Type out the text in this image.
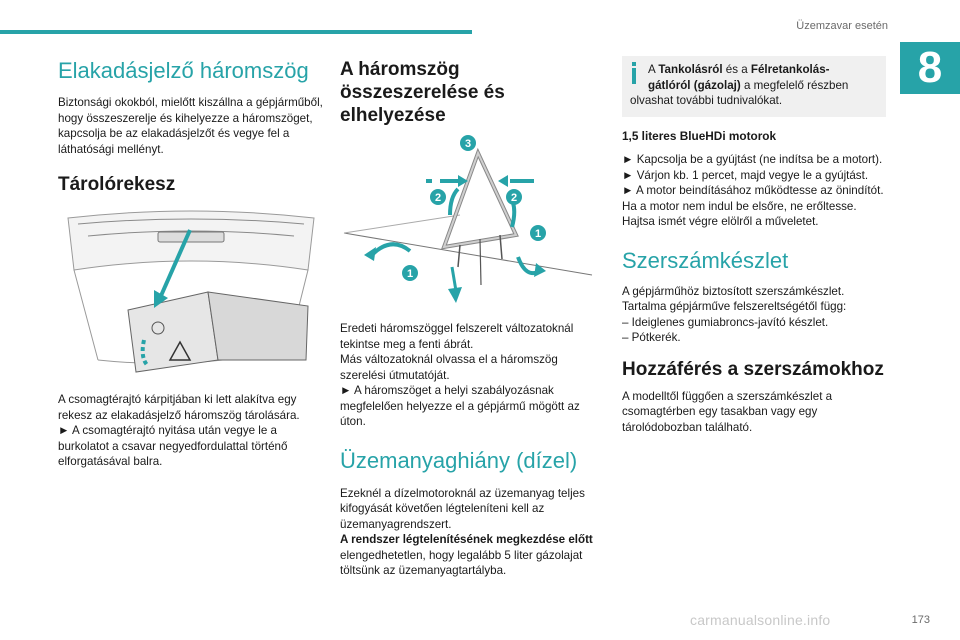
Üzemzavar esetén
8
Elakadásjelző háromszög

Biztonsági okokból, mielőtt kiszállna a gépjárműből, hogy összeszerelje és kihelyezze a háromszöget, kapcsolja be az elakadásjelzőt és vegye fel a láthatósági mellényt.

Tárolórekesz

A csomagtérajtó kárpitjában ki lett alakítva egy rekesz az elakadásjelző háromszög tárolására.

► A csomagtérajtó nyitása után vegye le a burkolatot a csavar negyedfordulattal történő elforgatásával balra.

A háromszög összeszerelése és elhelyezése
3
2	2
1
1

Eredeti háromszöggel felszerelt változatoknál tekintse meg a fenti ábrát.

Más változatoknál olvassa el a háromszög szerelési útmutatóját.

► A háromszöget a helyi szabályozásnak megfelelően helyezze el a gépjármű mögött az úton.

Üzemanyaghiány (dízel)

Ezeknél a dízelmotoroknál az üzemanyag teljes kifogyását követően légteleníteni kell az üzemanyagrendszert.

A rendszer légtelenítésének megkezdése előtt elengedhetetlen, hogy legalább 5 liter gázolajat töltsünk az üzemanyagtartályba.

A Tankolásról és a Félretankolás-

gátlóról (gázolaj) a megfelelő részben

olvashat további tudnivalókat.

1,5 literes BlueHDi motorok

► Kapcsolja be a gyújtást (ne indítsa be a motort).

► Várjon kb. 1 percet, majd vegye le a gyújtást.

► A motor beindításához működtesse az önindítót.

Ha a motor nem indul be elsőre, ne erőltesse. Hajtsa ismét végre elölről a műveletet.

Szerszámkészlet

A gépjárműhöz biztosított szerszámkészlet. Tartalma gépjárműve felszereltségétől függ:

– Ideiglenes gumiabroncs-javító készlet.

– Pótkerék.

Hozzáférés a szerszámokhoz

A modelltől függően a szerszámkészlet a csomagtérben egy tasakban vagy egy tárolódobozban található.

carmanualsonline.info	173
